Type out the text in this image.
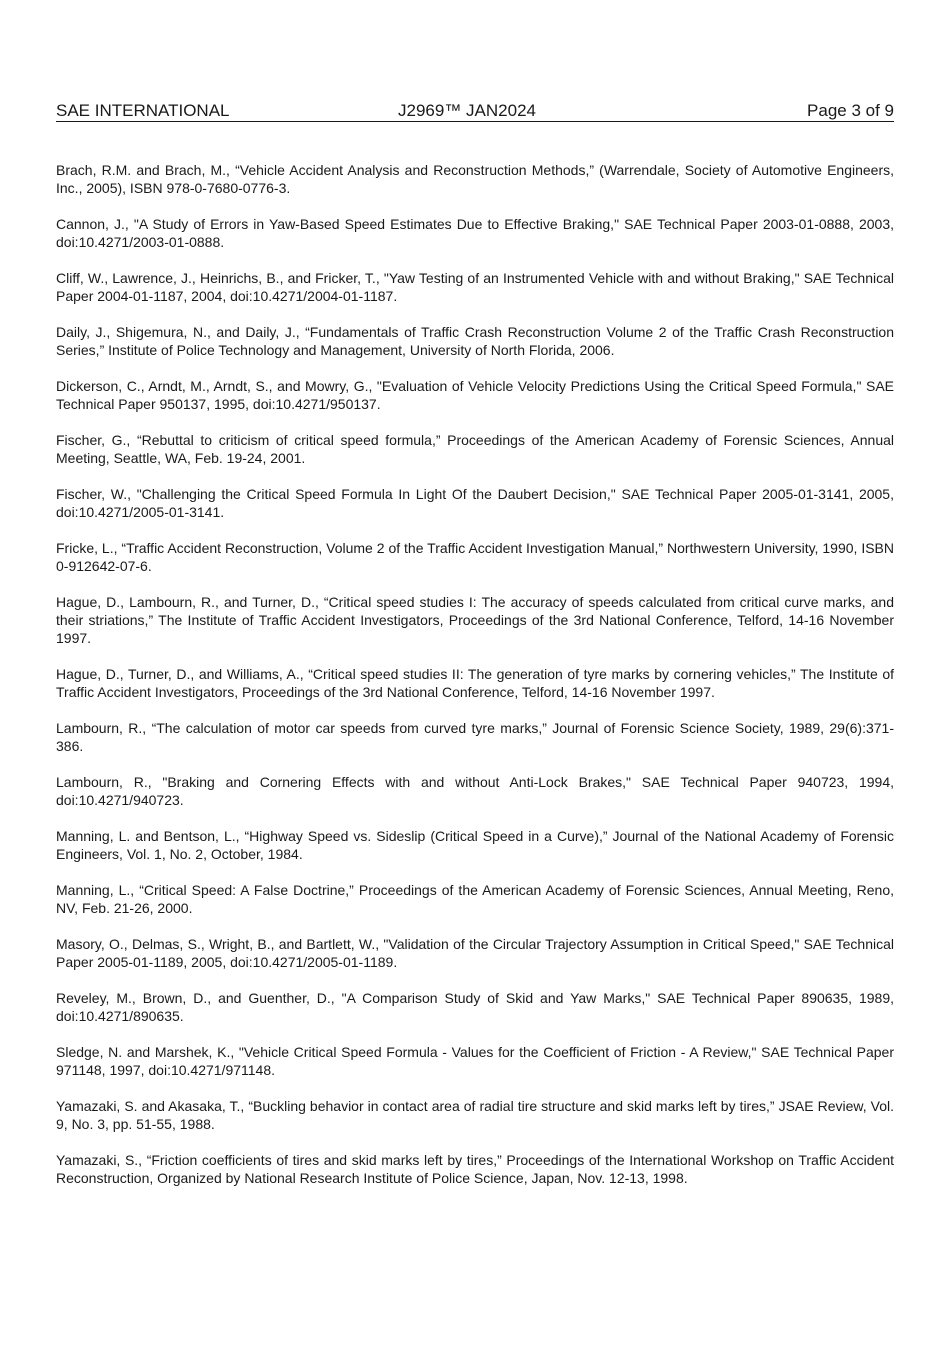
SAE INTERNATIONAL	J2969™ JAN2024	Page 3 of 9

Brach, R.M. and Brach, M., “Vehicle Accident Analysis and Reconstruction Methods,” (Warrendale, Society of Automotive Engineers, Inc., 2005), ISBN 978-0-7680-0776-3.

Cannon, J., "A Study of Errors in Yaw-Based Speed Estimates Due to Effective Braking," SAE Technical Paper 2003-01-0888, 2003, doi:10.4271/2003-01-0888.

Cliff, W., Lawrence, J., Heinrichs, B., and Fricker, T., "Yaw Testing of an Instrumented Vehicle with and without Braking," SAE Technical Paper 2004-01-1187, 2004, doi:10.4271/2004-01-1187.

Daily, J., Shigemura, N., and Daily, J., “Fundamentals of Traffic Crash Reconstruction Volume 2 of the Traffic Crash Reconstruction Series,” Institute of Police Technology and Management, University of North Florida, 2006.

Dickerson, C., Arndt, M., Arndt, S., and Mowry, G., "Evaluation of Vehicle Velocity Predictions Using the Critical Speed Formula," SAE Technical Paper 950137, 1995, doi:10.4271/950137.

Fischer, G., “Rebuttal to criticism of critical speed formula,” Proceedings of the American Academy of Forensic Sciences, Annual Meeting, Seattle, WA, Feb. 19-24, 2001.

Fischer, W., "Challenging the Critical Speed Formula In Light Of the Daubert Decision," SAE Technical Paper 2005-01-3141, 2005, doi:10.4271/2005-01-3141.

Fricke, L., “Traffic Accident Reconstruction, Volume 2 of the Traffic Accident Investigation Manual,” Northwestern University, 1990, ISBN 0-912642-07-6.

Hague, D., Lambourn, R., and Turner, D., “Critical speed studies I: The accuracy of speeds calculated from critical curve marks, and their striations,” The Institute of Traffic Accident Investigators, Proceedings of the 3rd National Conference, Telford, 14-16 November 1997.

Hague, D., Turner, D., and Williams, A., “Critical speed studies II: The generation of tyre marks by cornering vehicles,” The Institute of Traffic Accident Investigators, Proceedings of the 3rd National Conference, Telford, 14-16 November 1997.

Lambourn, R., “The calculation of motor car speeds from curved tyre marks,” Journal of Forensic Science Society, 1989, 29(6):371-386.

Lambourn, R., "Braking and Cornering Effects with and without Anti-Lock Brakes," SAE Technical Paper 940723, 1994, doi:10.4271/940723.

Manning, L. and Bentson, L., “Highway Speed vs. Sideslip (Critical Speed in a Curve),” Journal of the National Academy of Forensic Engineers, Vol. 1, No. 2, October, 1984.

Manning, L., “Critical Speed: A False Doctrine,” Proceedings of the American Academy of Forensic Sciences, Annual Meeting, Reno, NV, Feb. 21-26, 2000.

Masory, O., Delmas, S., Wright, B., and Bartlett, W., "Validation of the Circular Trajectory Assumption in Critical Speed," SAE Technical Paper 2005-01-1189, 2005, doi:10.4271/2005-01-1189.

Reveley, M., Brown, D., and Guenther, D., "A Comparison Study of Skid and Yaw Marks," SAE Technical Paper 890635, 1989, doi:10.4271/890635.

Sledge, N. and Marshek, K., "Vehicle Critical Speed Formula - Values for the Coefficient of Friction - A Review," SAE Technical Paper 971148, 1997, doi:10.4271/971148.

Yamazaki, S. and Akasaka, T., “Buckling behavior in contact area of radial tire structure and skid marks left by tires,” JSAE Review, Vol. 9, No. 3, pp. 51-55, 1988.

Yamazaki, S., “Friction coefficients of tires and skid marks left by tires,” Proceedings of the International Workshop on Traffic Accident Reconstruction, Organized by National Research Institute of Police Science, Japan, Nov. 12-13, 1998.
